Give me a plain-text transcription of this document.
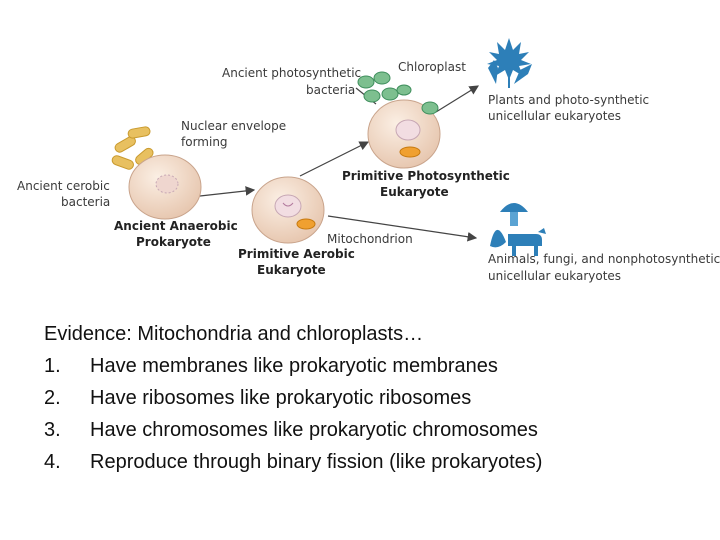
Ancient photosynthetic
bacteria
Chloroplast
Plants and photo-synthetic
unicellular eukaryotes
Nuclear envelope
forming
Ancient cerobic
bacteria
Primitive Photosynthetic
Eukaryote
Ancient Anaerobic
Prokaryote	Mitochondrion
Primitive Aerobic
Eukaryote
Animals, fungi, and nonphotosynthetic
unicellular eukaryotes
Evidence: Mitochondria and chloroplasts…
1.	Have membranes like prokaryotic membranes
2.	Have ribosomes like prokaryotic ribosomes
3.	Have chromosomes like prokaryotic chromosomes
4.	Reproduce through binary fission (like prokaryotes)
